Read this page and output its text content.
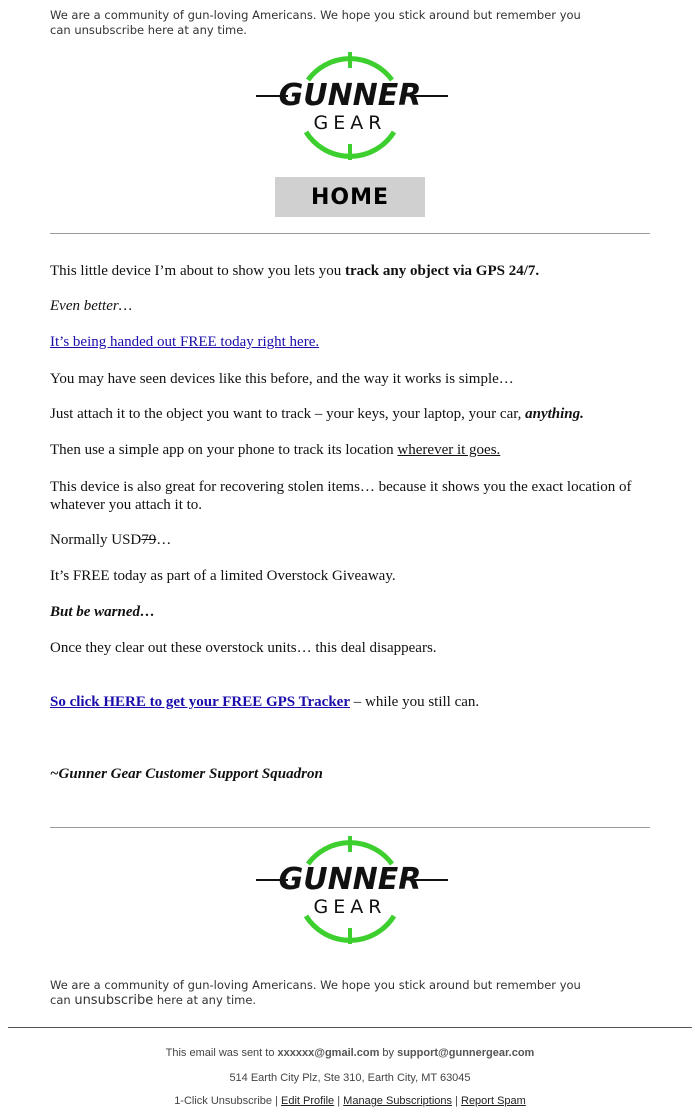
We are a community of gun-loving Americans. We hope you stick around but remember you can unsubscribe here at any time.
GUNNER
GEAR
HOME
This little device I’m about to show you lets you track any object via GPS 24/7.
Even better…
It’s being handed out FREE today right here.
You may have seen devices like this before, and the way it works is simple…
Just attach it to the object you want to track – your keys, your laptop, your car, anything.
Then use a simple app on your phone to track its location wherever it goes.
This device is also great for recovering stolen items… because it shows you the exact location of whatever you attach it to.
Normally USD79…
It’s FREE today as part of a limited Overstock Giveaway.
But be warned…
Once they clear out these overstock units… this deal disappears.
So click HERE to get your FREE GPS Tracker – while you still can.
~Gunner Gear Customer Support Squadron
GUNNER
GEAR
We are a community of gun-loving Americans. We hope you stick around but remember you can unsubscribe here at any time.
This email was sent to xxxxxx@gmail.com by support@gunnergear.com
514 Earth City Plz, Ste 310, Earth City, MT 63045
1-Click Unsubscribe | Edit Profile | Manage Subscriptions | Report Spam
